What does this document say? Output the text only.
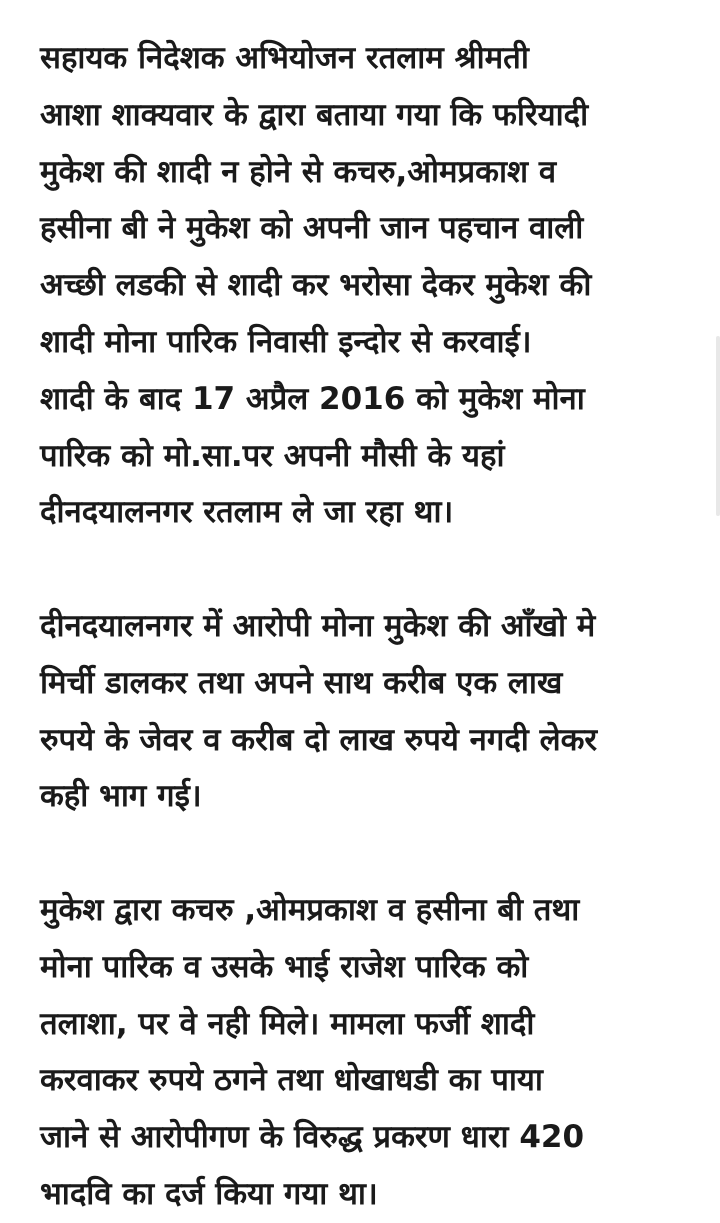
सहायक निदेशक अभियोजन रतलाम श्रीमती
आशा शाक्यवार के द्वारा बताया गया कि फरियादी
मुकेश की शादी न होने से कचरु,ओमप्रकाश व
हसीना बी ने मुकेश को अपनी जान पहचान वाली
अच्छी लडकी से शादी कर भरोसा देकर मुकेश की
शादी मोना पारिक निवासी इन्दोर से करवाई।
शादी के बाद 17 अप्रैल 2016 को मुकेश मोना
पारिक को मो.सा.पर अपनी मौसी के यहां
दीनदयालनगर रतलाम ले जा रहा था।

दीनदयालनगर में आरोपी मोना मुकेश की आँखो मे
मिर्ची डालकर तथा अपने साथ करीब एक लाख
रुपये के जेवर व करीब दो लाख रुपये नगदी लेकर
कही भाग गई।

मुकेश द्वारा कचरु ,ओमप्रकाश व हसीना बी तथा
मोना पारिक व उसके भाई राजेश पारिक को
तलाशा, पर वे नही मिले। मामला फर्जी शादी
करवाकर रुपये ठगने तथा धोखाधडी का पाया
जाने से आरोपीगण के विरुद्ध प्रकरण धारा 420
भादवि का दर्ज किया गया था।
